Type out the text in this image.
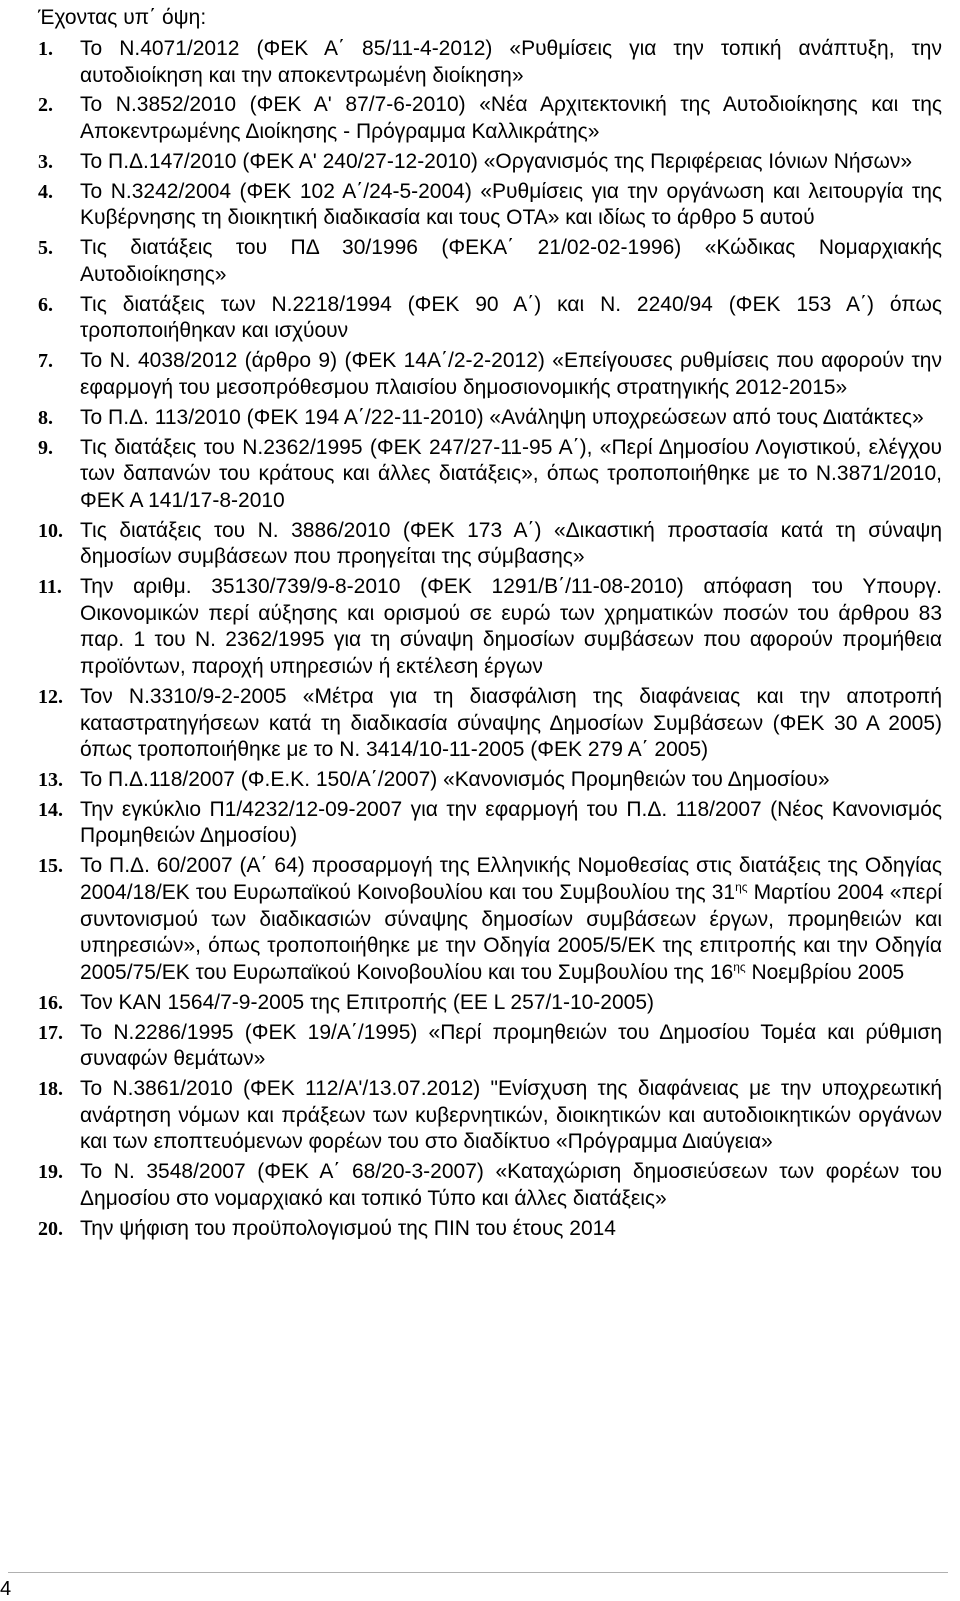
Έχοντας υπ΄ όψη:
1.	Το Ν.4071/2012 (ΦΕΚ Α΄ 85/11-4-2012) «Ρυθμίσεις για την τοπική ανάπτυξη, την αυτοδιοίκηση και την αποκεντρωμένη διοίκηση»
2.	Το Ν.3852/2010 (ΦΕΚ Α' 87/7-6-2010) «Νέα Αρχιτεκτονική της Αυτοδιοίκησης και της Αποκεντρωμένης Διοίκησης - Πρόγραμμα Καλλικράτης»
3.	Το Π.Δ.147/2010 (ΦΕΚ Α' 240/27-12-2010) «Οργανισμός της Περιφέρειας Ιόνιων Νήσων»
4.	Το Ν.3242/2004 (ΦΕΚ 102 Α΄/24-5-2004) «Ρυθμίσεις για την οργάνωση και λειτουργία της Κυβέρνησης τη διοικητική διαδικασία και τους ΟΤΑ» και ιδίως το άρθρο 5 αυτού
5.	Τις διατάξεις του ΠΔ 30/1996 (ΦΕΚΑ΄ 21/02-02-1996) «Κώδικας Νομαρχιακής Αυτοδιοίκησης»
6.	Τις διατάξεις των Ν.2218/1994 (ΦΕΚ 90 Α΄) και Ν. 2240/94 (ΦΕΚ 153 Α΄) όπως τροποποιήθηκαν και ισχύουν
7.	Το Ν. 4038/2012 (άρθρο 9) (ΦΕΚ 14Α΄/2-2-2012) «Επείγουσες ρυθμίσεις που αφορούν την εφαρμογή του μεσοπρόθεσμου πλαισίου δημοσιονομικής στρατηγικής 2012-2015»
8.	Το Π.Δ. 113/2010 (ΦΕΚ 194 Α΄/22-11-2010) «Ανάληψη υποχρεώσεων από τους Διατάκτες»
9.	Τις διατάξεις του Ν.2362/1995 (ΦΕΚ 247/27-11-95 Α΄), «Περί Δημοσίου Λογιστικού, ελέγχου των δαπανών του κράτους και άλλες διατάξεις», όπως τροποποιήθηκε με το Ν.3871/2010, ΦΕΚ Α 141/17-8-2010
10. Τις διατάξεις του Ν. 3886/2010 (ΦΕΚ 173 Α΄) «Δικαστική προστασία κατά τη σύναψη δημοσίων συμβάσεων που προηγείται της σύμβασης»
11. Την αριθμ. 35130/739/9-8-2010 (ΦΕΚ 1291/Β΄/11-08-2010) απόφαση του Υπουργ. Οικονομικών περί αύξησης και ορισμού σε ευρώ των χρηματικών ποσών του άρθρου 83 παρ. 1 του Ν. 2362/1995 για τη σύναψη δημοσίων συμβάσεων που αφορούν προμήθεια προϊόντων, παροχή υπηρεσιών ή εκτέλεση έργων
12. Τον Ν.3310/9-2-2005 «Μέτρα για τη διασφάλιση της διαφάνειας και την αποτροπή καταστρατηγήσεων κατά τη διαδικασία σύναψης Δημοσίων Συμβάσεων (ΦΕΚ 30 Α 2005) όπως τροποποιήθηκε με το Ν. 3414/10-11-2005 (ΦΕΚ 279 Α΄ 2005)
13. Το Π.Δ.118/2007 (Φ.Ε.Κ. 150/Α΄/2007) «Κανονισμός Προμηθειών του Δημοσίου»
14. Την εγκύκλιο Π1/4232/12-09-2007 για την εφαρμογή του Π.Δ. 118/2007 (Νέος Κανονισμός Προμηθειών Δημοσίου)
15. Το Π.Δ. 60/2007 (Α΄ 64) προσαρμογή της Ελληνικής Νομοθεσίας στις διατάξεις της Οδηγίας 2004/18/ΕΚ του Ευρωπαϊκού Κοινοβουλίου και του Συμβουλίου της $31^{\eta\varsigma}$ Μαρτίου 2004 «περί συντονισμού των διαδικασιών σύναψης δημοσίων συμβάσεων έργων, προμηθειών και υπηρεσιών», όπως τροποποιήθηκε με την Οδηγία 2005/5/ΕΚ της επιτροπής και την Οδηγία 2005/75/ΕΚ του Ευρωπαϊκού Κοινοβουλίου και του Συμβουλίου της $16^{\eta\varsigma}$ Νοεμβρίου 2005
16. Τον ΚΑΝ 1564/7-9-2005 της Επιτροπής (ΕΕ L 257/1-10-2005)
17. Το Ν.2286/1995 (ΦΕΚ 19/Α΄/1995) «Περί προμηθειών του Δημοσίου Τομέα και ρύθμιση συναφών θεμάτων»
18. Το Ν.3861/2010 (ΦΕΚ 112/Α'/13.07.2012) "Ενίσχυση της διαφάνειας με την υποχρεωτική ανάρτηση νόμων και πράξεων των κυβερνητικών, διοικητικών και αυτοδιοικητικών οργάνων και των εποπτευόμενων φορέων του στο διαδίκτυο «Πρόγραμμα Διαύγεια»
19. Το Ν. 3548/2007 (ΦΕΚ Α΄ 68/20-3-2007) «Καταχώριση δημοσιεύσεων των φορέων του Δημοσίου στο νομαρχιακό και τοπικό Τύπο και άλλες διατάξεις»
20. Την ψήφιση του προϋπολογισμού της ΠΙΝ του έτους 2014
4
